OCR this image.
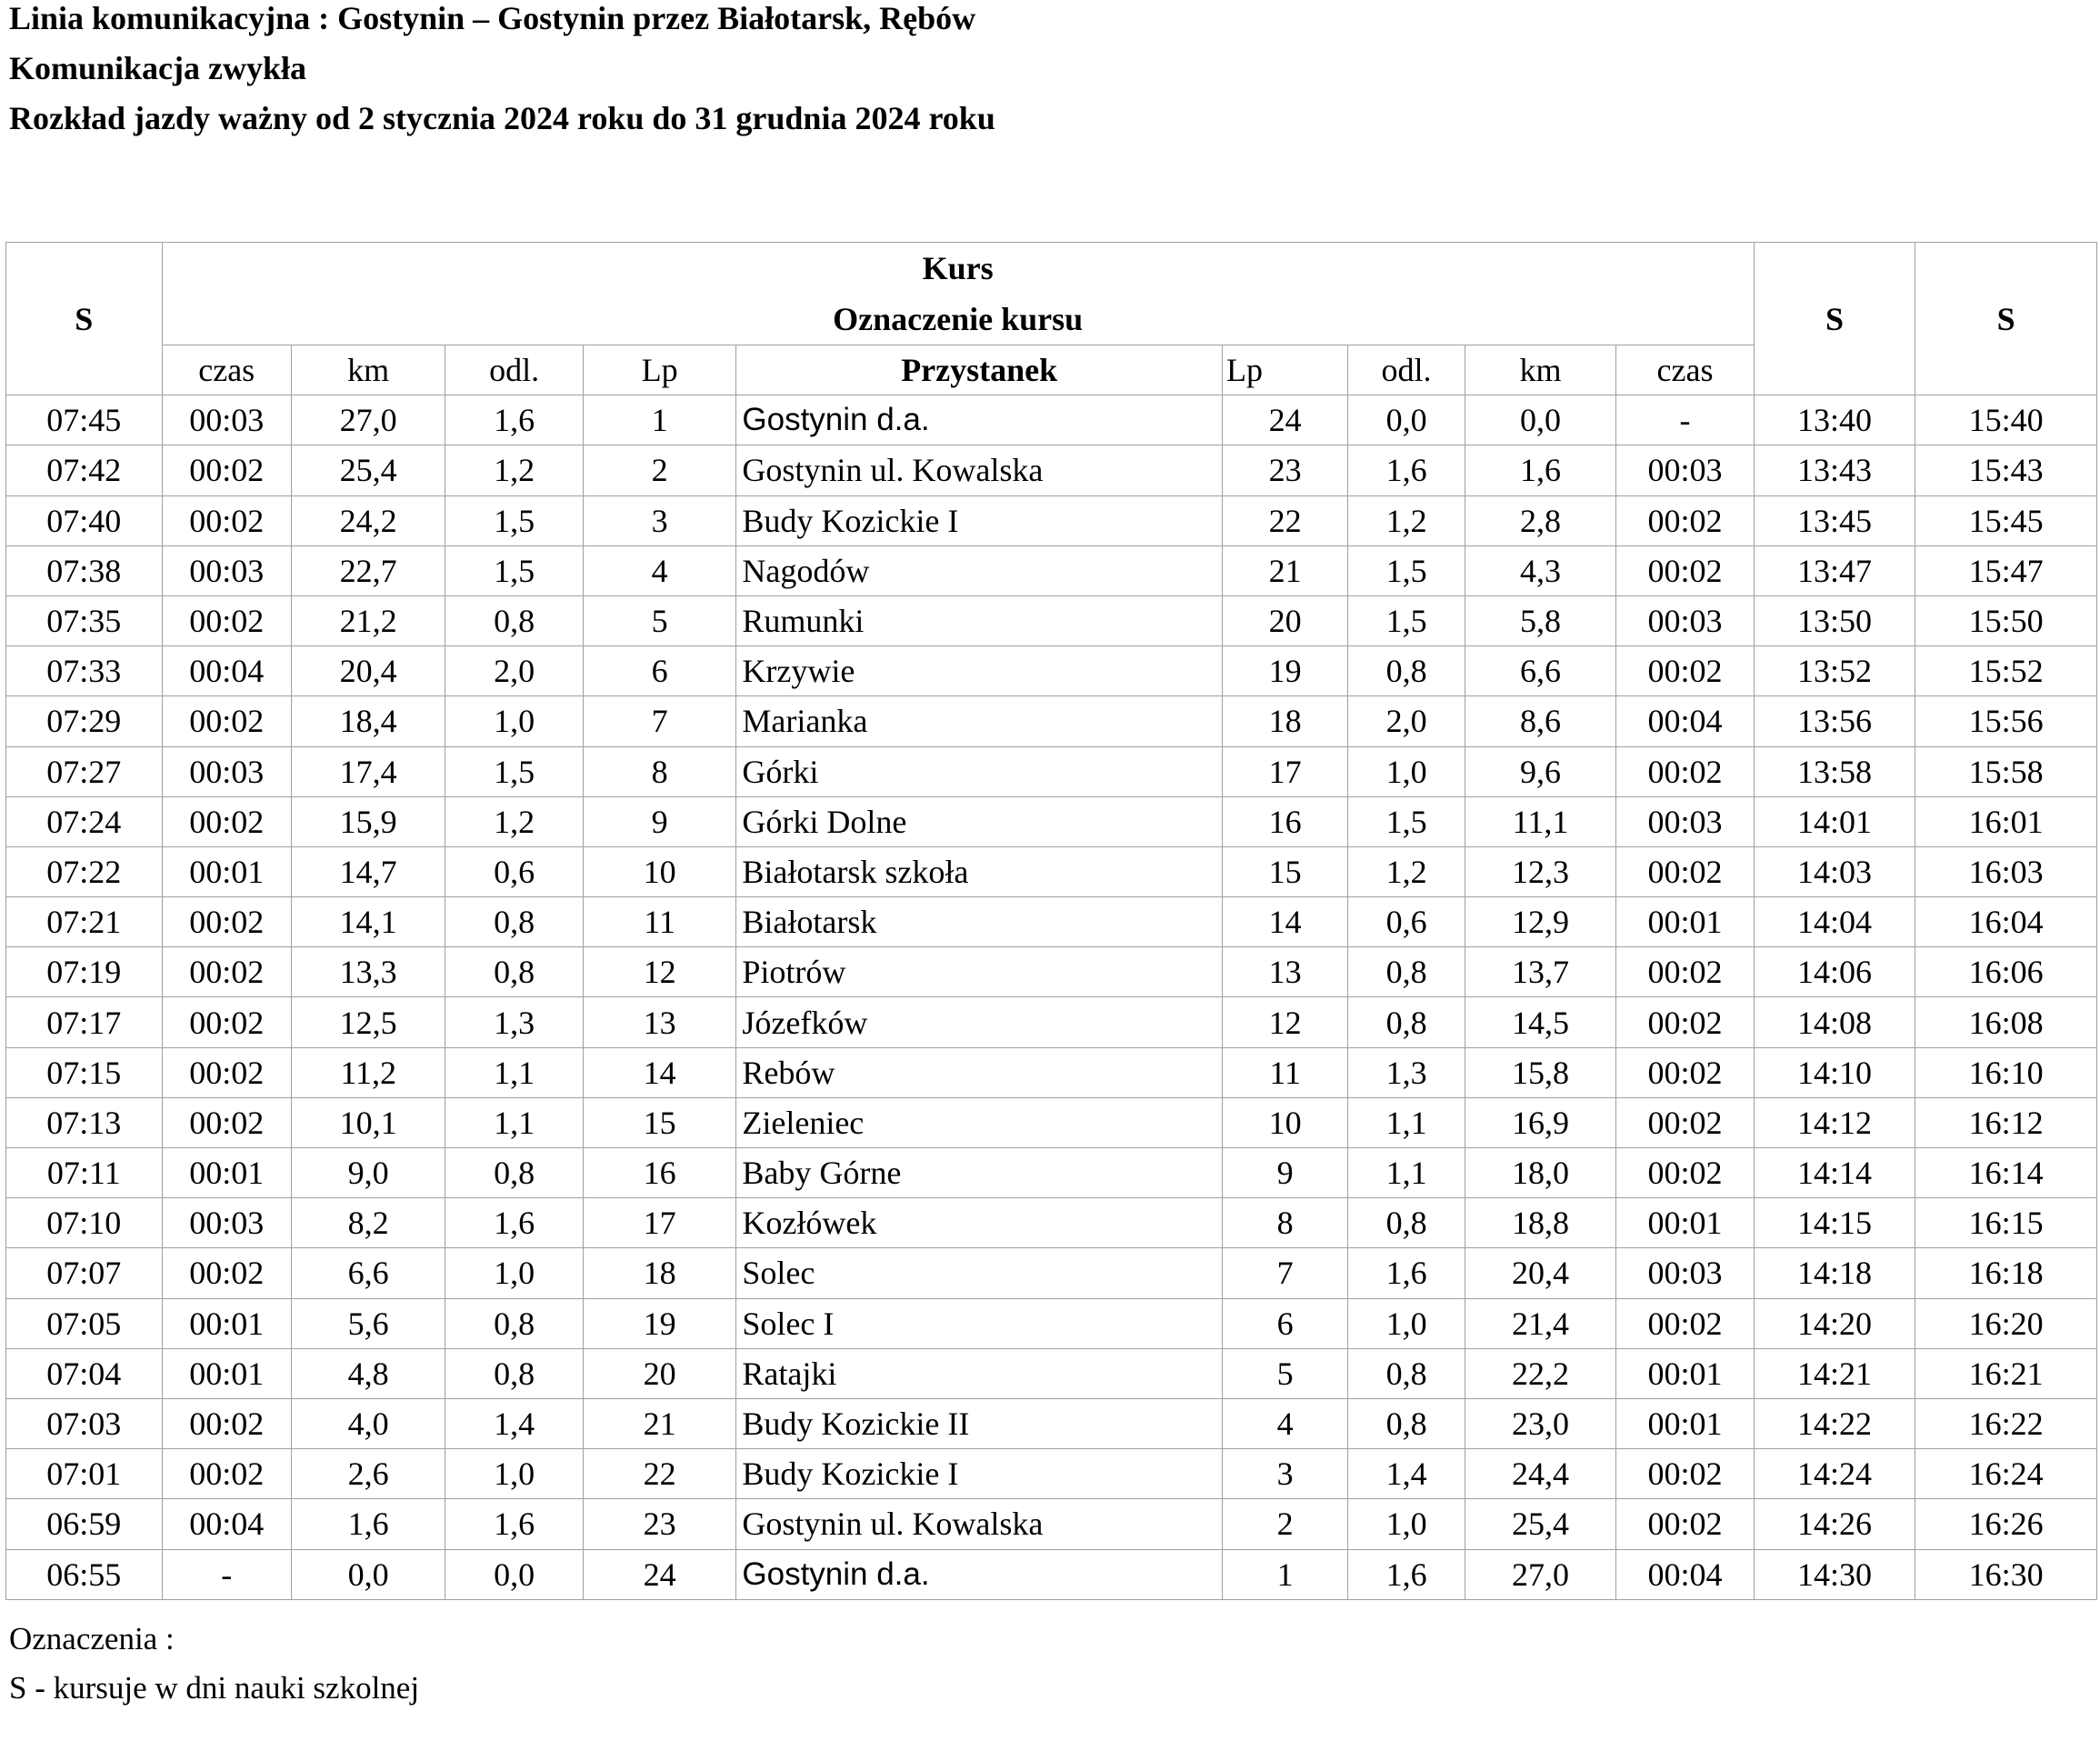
Linia komunikacyjna : Gostynin – Gostynin przez Białotarsk, Rębów
Komunikacja zwykła
Rozkład jazdy ważny od 2 stycznia 2024 roku do 31 grudnia 2024 roku
S	Kurs
Oznaczenie kursu									S	S
	czas	km	odl.	Lp	Przystanek	Lp	odl.	km	czas		
07:45	00:03	27,0	1,6	1	Gostynin d.a.	24	0,0	0,0	-	13:40	15:40
07:42	00:02	25,4	1,2	2	Gostynin ul. Kowalska	23	1,6	1,6	00:03	13:43	15:43
07:40	00:02	24,2	1,5	3	Budy Kozickie I	22	1,2	2,8	00:02	13:45	15:45
07:38	00:03	22,7	1,5	4	Nagodów	21	1,5	4,3	00:02	13:47	15:47
07:35	00:02	21,2	0,8	5	Rumunki	20	1,5	5,8	00:03	13:50	15:50
07:33	00:04	20,4	2,0	6	Krzywie	19	0,8	6,6	00:02	13:52	15:52
07:29	00:02	18,4	1,0	7	Marianka	18	2,0	8,6	00:04	13:56	15:56
07:27	00:03	17,4	1,5	8	Górki	17	1,0	9,6	00:02	13:58	15:58
07:24	00:02	15,9	1,2	9	Górki Dolne	16	1,5	11,1	00:03	14:01	16:01
07:22	00:01	14,7	0,6	10	Białotarsk szkoła	15	1,2	12,3	00:02	14:03	16:03
07:21	00:02	14,1	0,8	11	Białotarsk	14	0,6	12,9	00:01	14:04	16:04
07:19	00:02	13,3	0,8	12	Piotrów	13	0,8	13,7	00:02	14:06	16:06
07:17	00:02	12,5	1,3	13	Józefków	12	0,8	14,5	00:02	14:08	16:08
07:15	00:02	11,2	1,1	14	Rebów	11	1,3	15,8	00:02	14:10	16:10
07:13	00:02	10,1	1,1	15	Zieleniec	10	1,1	16,9	00:02	14:12	16:12
07:11	00:01	9,0	0,8	16	Baby Górne	9	1,1	18,0	00:02	14:14	16:14
07:10	00:03	8,2	1,6	17	Kozłówek	8	0,8	18,8	00:01	14:15	16:15
07:07	00:02	6,6	1,0	18	Solec	7	1,6	20,4	00:03	14:18	16:18
07:05	00:01	5,6	0,8	19	Solec I	6	1,0	21,4	00:02	14:20	16:20
07:04	00:01	4,8	0,8	20	Ratajki	5	0,8	22,2	00:01	14:21	16:21
07:03	00:02	4,0	1,4	21	Budy Kozickie II	4	0,8	23,0	00:01	14:22	16:22
07:01	00:02	2,6	1,0	22	Budy Kozickie I	3	1,4	24,4	00:02	14:24	16:24
06:59	00:04	1,6	1,6	23	Gostynin ul. Kowalska	2	1,0	25,4	00:02	14:26	16:26
06:55	-	0,0	0,0	24	Gostynin d.a.	1	1,6	27,0	00:04	14:30	16:30
Oznaczenia :
S - kursuje w dni nauki szkolnej
